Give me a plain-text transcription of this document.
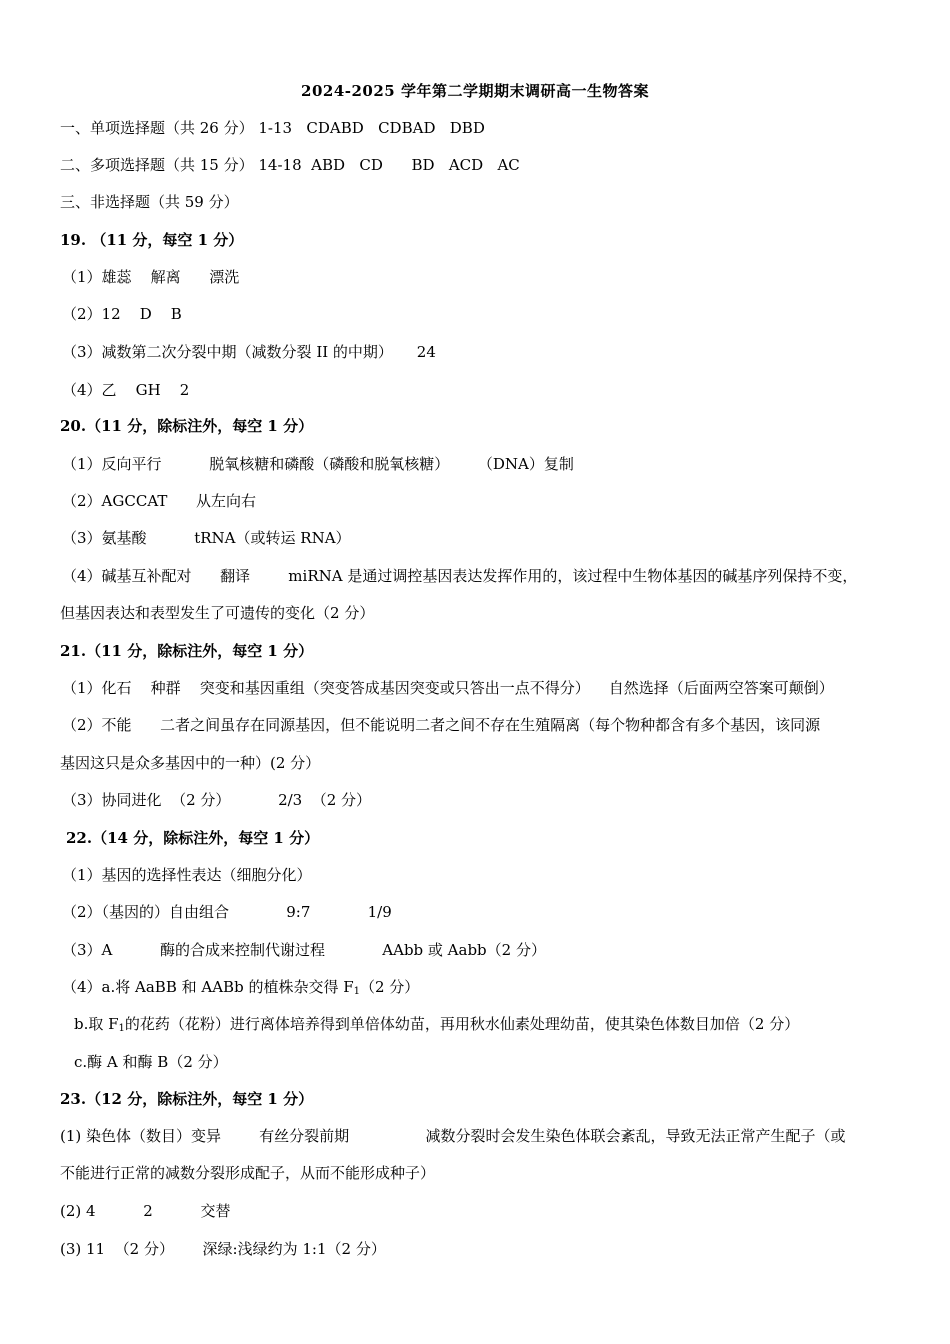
2024-2025 学年第二学期期末调研高一生物答案
一、单项选择题（共 26 分） 1-13   CDABD   CDBAD   DBD
二、多项选择题（共 15 分） 14-18  ABD   CD      BD   ACD   AC
三、非选择题（共 59 分）
19. （11 分，每空 1 分）
（1）雄蕊    解离      漂洗
（2）12    D    B
（3）减数第二次分裂中期（减数分裂 II 的中期）     24
（4）乙    GH    2
20.（11 分，除标注外，每空 1 分）
（1）反向平行          脱氧核糖和磷酸（磷酸和脱氧核糖）      （DNA）复制
（2）AGCCAT      从左向右
（3）氨基酸          tRNA（或转运 RNA）
（4）碱基互补配对      翻译        miRNA 是通过调控基因表达发挥作用的，该过程中生物体基因的碱基序列保持不变，
但基因表达和表型发生了可遗传的变化（2 分）
21.（11 分，除标注外，每空 1 分）
（1）化石    种群    突变和基因重组（突变答成基因突变或只答出一点不得分）    自然选择（后面两空答案可颠倒）
（2）不能      二者之间虽存在同源基因，但不能说明二者之间不存在生殖隔离（每个物种都含有多个基因，该同源
基因这只是众多基因中的一种）(2 分）
（3）协同进化  （2 分）          2/3  （2 分）
22.（14 分，除标注外，每空 1 分）
（1）基因的选择性表达（细胞分化）
（2）（基因的）自由组合            9:7            1/9
（3）A          酶的合成来控制代谢过程            AAbb 或 Aabb（2 分）
（4）a.将 AaBB 和 AABb 的植株杂交得 $F_1(2$ 分）
b.取 $F_1$的花药（花粉）进行离体培养得到单倍体幼苗，再用秋水仙素处理幼苗，使其染色体数目加倍（2 分）
c.酶 A 和酶 B（2 分）
23.（12 分，除标注外，每空 1 分）
(1) 染色体（数目）变异        有丝分裂前期                减数分裂时会发生染色体联会紊乱，导致无法正常产生配子（或
不能进行正常的减数分裂形成配子，从而不能形成种子）
(2) 4          2          交替
(3) 11  （2 分）      深绿:浅绿约为 1:1（2 分）
